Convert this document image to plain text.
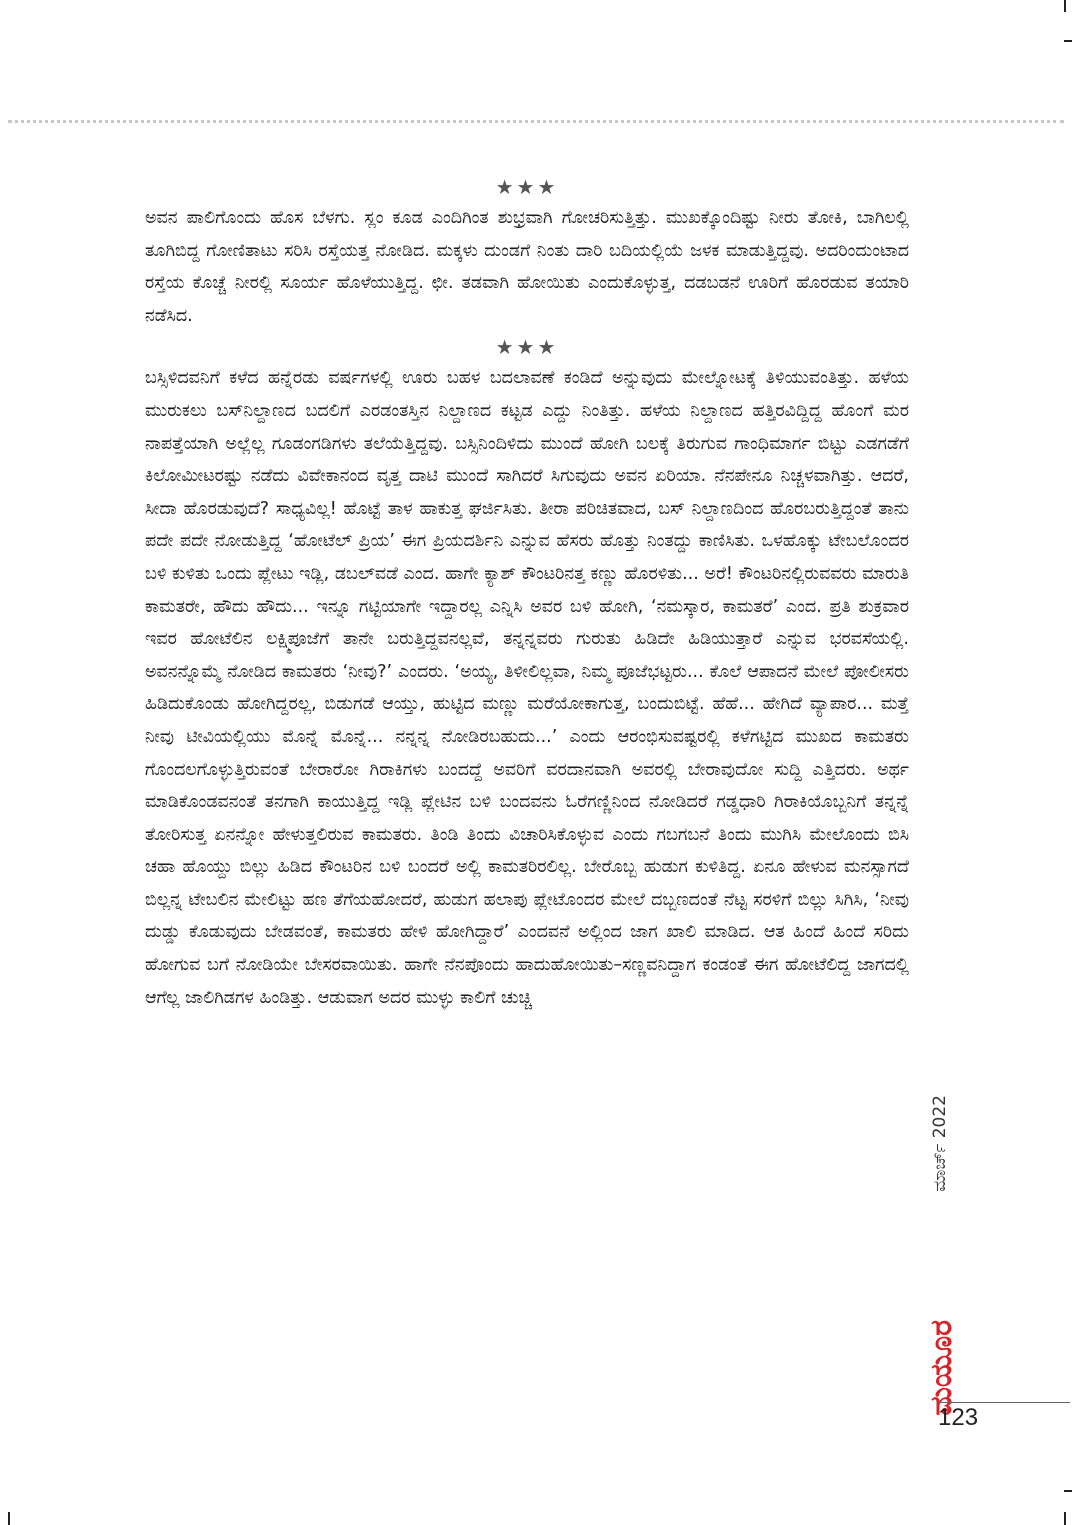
★★★

ಅವನ ಪಾಲಿಗೊಂದು ಹೊಸ ಬೆಳಗು. ಸ್ಲಂ ಕೂಡ ಎಂದಿಗಿಂತ ಶುಭ್ರವಾಗಿ ಗೋಚರಿಸುತ್ತಿತ್ತು. ಮುಖಕ್ಕೊಂದಿಷ್ಟು ನೀರು ತೋಕಿ, ಬಾಗಿಲಲ್ಲಿ ತೂಗಿಬಿದ್ದ ಗೋಣಿತಾಟು ಸರಿಸಿ ರಸ್ತೆಯತ್ತ ನೋಡಿದ. ಮಕ್ಕಳು ದುಂಡಗೆ ನಿಂತು ದಾರಿ ಬದಿಯಲ್ಲಿಯೆ ಜಳಕ ಮಾಡುತ್ತಿದ್ದವು. ಅದರಿಂದುಂಟಾದ ರಸ್ತೆಯ ಕೊಚ್ಚೆ ನೀರಲ್ಲಿ ಸೂರ್ಯ ಹೊಳೆಯುತ್ತಿದ್ದ. ಛೀ. ತಡವಾಗಿ ಹೋಯಿತು ಎಂದುಕೊಳ್ಳುತ್ತ, ದಡಬಡನೆ ಊರಿಗೆ ಹೊರಡುವ ತಯಾರಿ ನಡೆಸಿದ.

★★★

ಬಸ್ಸಿಳಿದವನಿಗೆ ಕಳೆದ ಹನ್ನೆರಡು ವರ್ಷಗಳಲ್ಲಿ ಊರು ಬಹಳ ಬದಲಾವಣೆ ಕಂಡಿದೆ ಅನ್ನುವುದು ಮೇಲ್ನೋಟಕ್ಕೆ ತಿಳಿಯುವಂತಿತ್ತು. ಹಳೆಯ ಮುರುಕಲು ಬಸ್‌ನಿಲ್ದಾಣದ ಬದಲಿಗೆ ಎರಡಂತಸ್ತಿನ ನಿಲ್ದಾಣದ ಕಟ್ಟಡ ಎದ್ದು ನಿಂತಿತ್ತು. ಹಳೆಯ ನಿಲ್ದಾಣದ ಹತ್ತಿರವಿದ್ದಿದ್ದ ಹೊಂಗೆ ಮರ ನಾಪತ್ತೆಯಾಗಿ ಅಲ್ಲೆಲ್ಲ ಗೂಡಂಗಡಿಗಳು ತಲೆಯೆತ್ತಿದ್ದವು. ಬಸ್ಸಿನಿಂದಿಳಿದು ಮುಂದೆ ಹೋಗಿ ಬಲಕ್ಕೆ ತಿರುಗುವ ಗಾಂಧಿಮಾರ್ಗ ಬಿಟ್ಟು ಎಡಗಡೆಗೆ ಕಿಲೋಮೀಟರಷ್ಟು ನಡೆದು ವಿವೇಕಾನಂದ ವೃತ್ತ ದಾಟಿ ಮುಂದೆ ಸಾಗಿದರೆ ಸಿಗುವುದು ಅವನ ಏರಿಯಾ. ನೆನಪೇನೂ ನಿಚ್ಚಳವಾಗಿತ್ತು. ಆದರೆ, ಸೀದಾ ಹೊರಡುವುದೆ? ಸಾಧ್ಯವಿಲ್ಲ! ಹೊಟ್ಟೆ ತಾಳ ಹಾಕುತ್ತ ಘರ್ಜಿಸಿತು. ತೀರಾ ಪರಿಚಿತವಾದ, ಬಸ್ ನಿಲ್ದಾಣದಿಂದ ಹೊರಬರುತ್ತಿದ್ದಂತೆ ತಾನು ಪದೇ ಪದೇ ನೋಡುತ್ತಿದ್ದ ‘ಹೋಟೆಲ್ ಪ್ರಿಯ’ ಈಗ ಪ್ರಿಯದರ್ಶಿನಿ ಎನ್ನುವ ಹೆಸರು ಹೊತ್ತು ನಿಂತದ್ದು ಕಾಣಿಸಿತು. ಒಳಹೊಕ್ಕು ಟೇಬಲೊಂದರ ಬಳಿ ಕುಳಿತು ಒಂದು ಪ್ಲೇಟು ಇಡ್ಲಿ, ಡಬಲ್‌ವಡೆ ಎಂದ. ಹಾಗೇ ಕ್ಯಾಶ್ ಕೌಂಟರಿನತ್ತ ಕಣ್ಣು ಹೊರಳಿತು... ಅರೆ! ಕೌಂಟರಿನಲ್ಲಿರುವವರು ಮಾರುತಿ ಕಾಮತರೇ, ಹೌದು ಹೌದು... ಇನ್ನೂ ಗಟ್ಟಿಯಾಗೇ ಇದ್ದಾರಲ್ಲ ಎನ್ನಿಸಿ ಅವರ ಬಳಿ ಹೋಗಿ, ‘ನಮಸ್ಕಾರ, ಕಾಮತರೆ’ ಎಂದ. ಪ್ರತಿ ಶುಕ್ರವಾರ ಇವರ ಹೋಟೆಲಿನ ಲಕ್ಷ್ಮಿಪೂಜೆಗೆ ತಾನೇ ಬರುತ್ತಿದ್ದವನಲ್ಲವೆ, ತನ್ನನ್ನವರು ಗುರುತು ಹಿಡಿದೇ ಹಿಡಿಯುತ್ತಾರೆ ಎನ್ನುವ ಭರವಸೆಯಲ್ಲಿ. ಅವನನ್ನೊಮ್ಮೆ ನೋಡಿದ ಕಾಮತರು ‘ನೀವು?’ ಎಂದರು. ‘ಅಯ್ಯ, ತಿಳೀಲಿಲ್ಲವಾ, ನಿಮ್ಮ ಪೂಜೆಭಟ್ಟರು... ಕೊಲೆ ಆಪಾದನೆ ಮೇಲೆ ಪೋಲೀಸರು ಹಿಡಿದುಕೊಂಡು ಹೋಗಿದ್ದರಲ್ಲ, ಬಿಡುಗಡೆ ಆಯ್ತು, ಹುಟ್ಟಿದ ಮಣ್ಣು ಮರೆಯೋಕಾಗುತ್ತ, ಬಂದುಬಿಟ್ಟೆ. ಹೆಹೆ... ಹೇಗಿದೆ ವ್ಯಾಪಾರ... ಮತ್ತೆ ನೀವು ಟೀವಿಯಲ್ಲಿಯು ಮೊನ್ನೆ ಮೊನ್ನೆ... ನನ್ನನ್ನ ನೋಡಿರಬಹುದು...’ ಎಂದು ಆರಂಭಿಸುವಷ್ಟರಲ್ಲಿ ಕಳೆಗಟ್ಟಿದ ಮುಖದ ಕಾಮತರು ಗೊಂದಲಗೊಳ್ಳುತ್ತಿರುವಂತೆ ಬೇರಾರೋ ಗಿರಾಕಿಗಳು ಬಂದದ್ದೆ ಅವರಿಗೆ ವರದಾನವಾಗಿ ಅವರಲ್ಲಿ ಬೇರಾವುದೋ ಸುದ್ದಿ ಎತ್ತಿದರು. ಅರ್ಥ ಮಾಡಿಕೊಂಡವನಂತೆ ತನಗಾಗಿ ಕಾಯುತ್ತಿದ್ದ ಇಡ್ಲಿ ಪ್ಲೇಟಿನ ಬಳಿ ಬಂದವನು ಓರೆಗಣ್ಣಿನಿಂದ ನೋಡಿದರೆ ಗಡ್ಡಧಾರಿ ಗಿರಾಕಿಯೊಬ್ಬನಿಗೆ ತನ್ನನ್ನೆ ತೋರಿಸುತ್ತ ಏನನ್ನೋ ಹೇಳುತ್ತಲಿರುವ ಕಾಮತರು. ತಿಂಡಿ ತಿಂದು ವಿಚಾರಿಸಿಕೊಳ್ಳುವ ಎಂದು ಗಬಗಬನೆ ತಿಂದು ಮುಗಿಸಿ ಮೇಲೊಂದು ಬಿಸಿ ಚಹಾ ಹೊಯ್ದು ಬಿಲ್ಲು ಹಿಡಿದ ಕೌಂಟರಿನ ಬಳಿ ಬಂದರೆ ಅಲ್ಲಿ ಕಾಮತರಿರಲಿಲ್ಲ. ಬೇರೊಬ್ಬ ಹುಡುಗ ಕುಳಿತಿದ್ದ. ಏನೂ ಹೇಳುವ ಮನಸ್ಸಾಗದೆ ಬಿಲ್ಲನ್ನ ಟೇಬಲಿನ ಮೇಲಿಟ್ಟು ಹಣ ತೆಗೆಯಹೋದರೆ, ಹುಡುಗ ಹಲಾಪು ಪ್ಲೇಟೊಂದರ ಮೇಲೆ ದಬ್ಬಣದಂತೆ ನೆಟ್ಟ ಸರಳಿಗೆ ಬಿಲ್ಲು ಸಿಗಿಸಿ, ‘ನೀವು ದುಡ್ಡು ಕೊಡುವುದು ಬೇಡವಂತೆ, ಕಾಮತರು ಹೇಳಿ ಹೋಗಿದ್ದಾರೆ’ ಎಂದವನೆ ಅಲ್ಲಿಂದ ಜಾಗ ಖಾಲಿ ಮಾಡಿದ. ಆತ ಹಿಂದೆ ಹಿಂದೆ ಸರಿದು ಹೋಗುವ ಬಗೆ ನೋಡಿಯೇ ಬೇಸರವಾಯಿತು. ಹಾಗೇ ನೆನಪೊಂದು ಹಾದುಹೋಯಿತು–ಸಣ್ಣವನಿದ್ದಾಗ ಕಂಡಂತೆ ಈಗ ಹೋಟೆಲಿದ್ದ ಜಾಗದಲ್ಲಿ ಆಗೆಲ್ಲ ಜಾಲಿಗಿಡಗಳ ಹಿಂಡಿತ್ತು. ಆಡುವಾಗ ಅದರ ಮುಳ್ಳು ಕಾಲಿಗೆ ಚುಚ್ಚಿ

ಮಾರ್ಚ್ 2022
ಮಯೂರ
123
